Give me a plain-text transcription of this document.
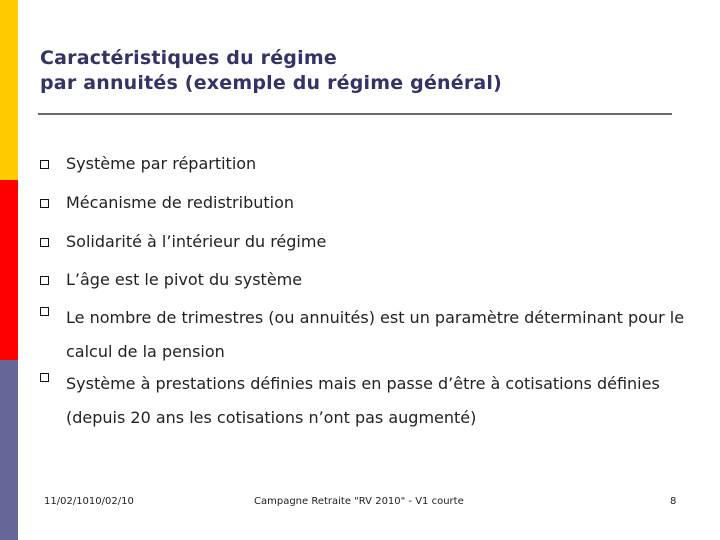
Caractéristiques du régime
par annuités (exemple du régime général)
Système par répartition
Mécanisme de redistribution
Solidarité à l’intérieur du régime
L’âge est le pivot du système
Le nombre de trimestres (ou annuités) est un paramètre déterminant pour le calcul de la pension
Système à prestations définies mais en passe d’être à cotisations définies (depuis 20 ans les cotisations n’ont pas augmenté)
11/02/1010/02/10	Campagne Retraite "RV 2010" - V1 courte	8
